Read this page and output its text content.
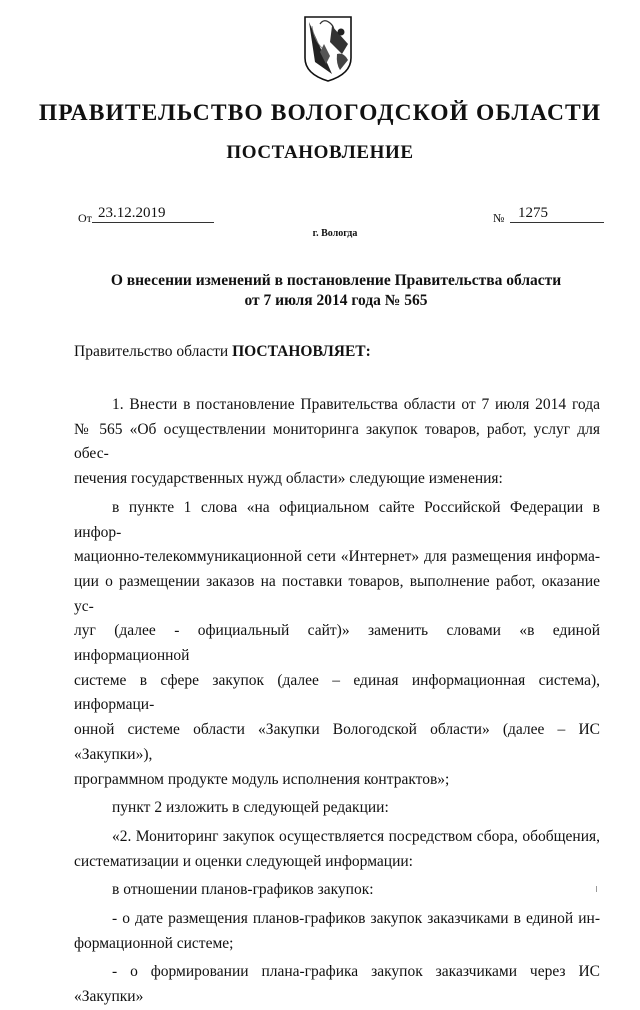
ПРАВИТЕЛЬСТВО ВОЛОГОДСКОЙ ОБЛАСТИ
ПОСТАНОВЛЕНИЕ
От 23.12.2019	№ 1275
г. Вологда
О внесении изменений в постановление Правительства области
от 7 июля 2014 года № 565
Правительство области ПОСТАНОВЛЯЕТ:

1. Внести в постановление Правительства области от 7 июля 2014 года

№ 565 «Об осуществлении мониторинга закупок товаров, работ, услуг для обес-

печения государственных нужд области» следующие изменения:

в пункте 1 слова «на официальном сайте Российской Федерации в инфор-

мационно-телекоммуникационной сети «Интернет» для размещения информа-

ции о размещении заказов на поставки товаров, выполнение работ, оказание ус-

луг (далее - официальный сайт)» заменить словами «в единой информационной

системе в сфере закупок (далее – единая информационная система), информаци-

онной системе области «Закупки Вологодской области» (далее – ИС «Закупки»),

программном продукте модуль исполнения контрактов»;

пункт 2 изложить в следующей редакции:

«2. Мониторинг закупок осуществляется посредством сбора, обобщения,

систематизации и оценки следующей информации:

в отношении планов-графиков закупок:

- о дате размещения планов-графиков закупок заказчиками в единой ин-

формационной системе;

- о формировании плана-графика закупок заказчиками через ИС «Закупки»
